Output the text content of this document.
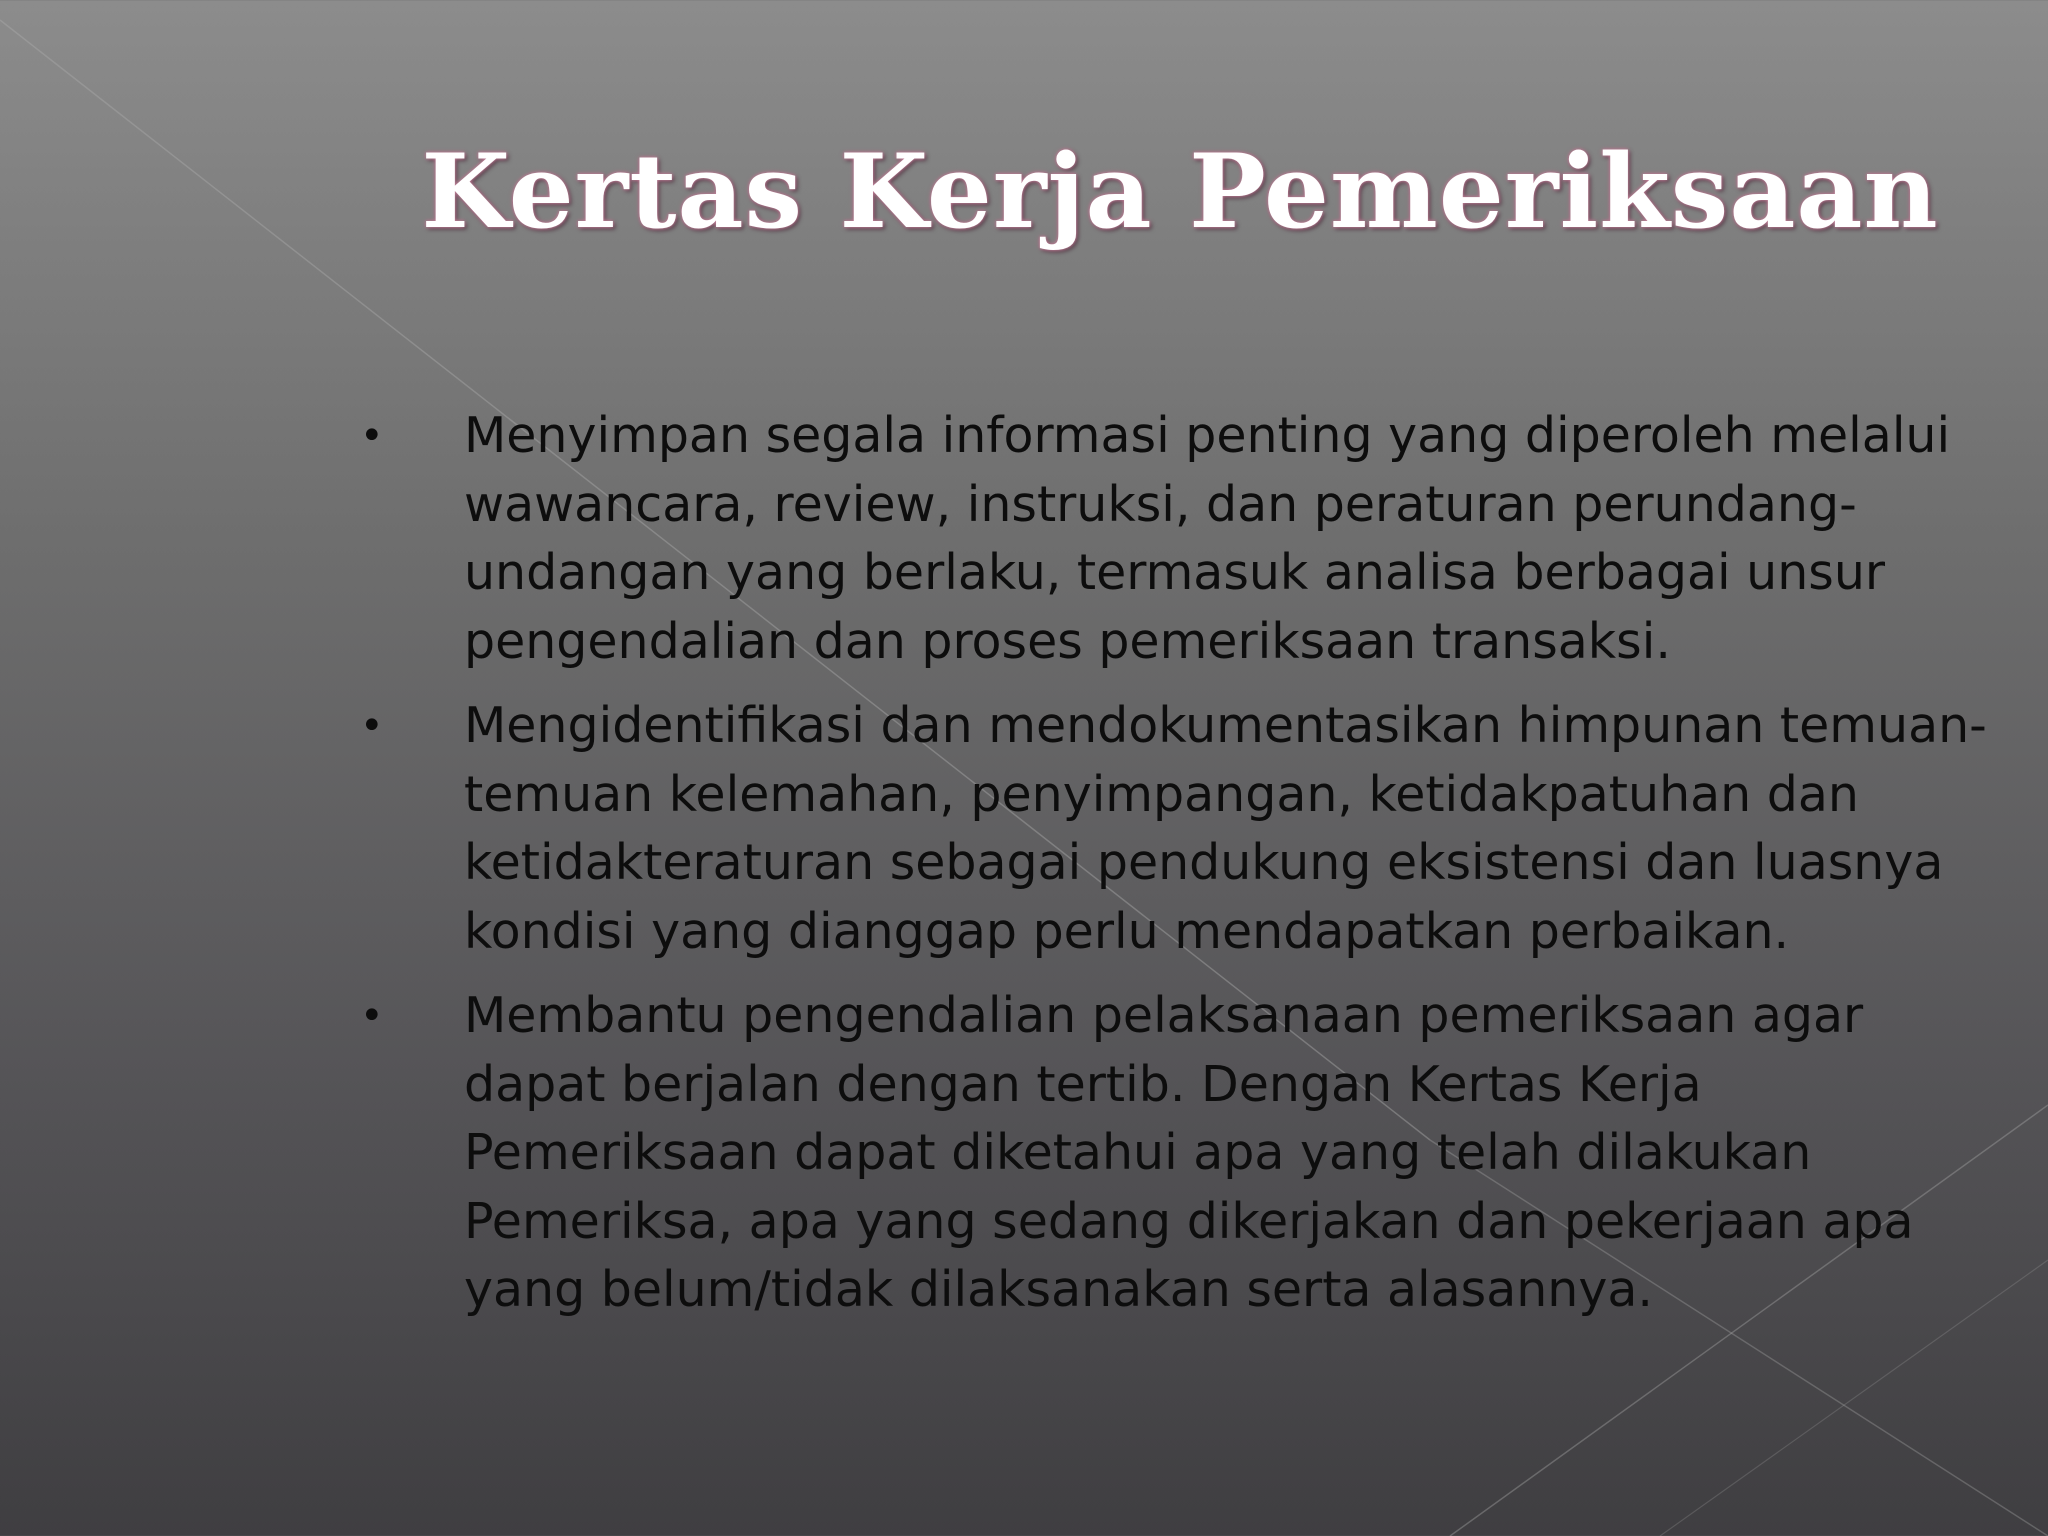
Kertas Kerja Pemeriksaan
• Menyimpan segala informasi penting yang diperoleh melalui wawancara, review, instruksi, dan peraturan perundang-undangan yang berlaku, termasuk analisa berbagai unsur pengendalian dan proses pemeriksaan transaksi.
• Mengidentifikasi dan mendokumentasikan himpunan temuan-temuan kelemahan, penyimpangan, ketidakpatuhan dan ketidakteraturan sebagai pendukung eksistensi dan luasnya kondisi yang dianggap perlu mendapatkan perbaikan.
• Membantu pengendalian pelaksanaan pemeriksaan agar dapat berjalan dengan tertib. Dengan Kertas Kerja Pemeriksaan dapat diketahui apa yang telah dilakukan Pemeriksa, apa yang sedang dikerjakan dan pekerjaan apa yang belum/tidak dilaksanakan serta alasannya.
